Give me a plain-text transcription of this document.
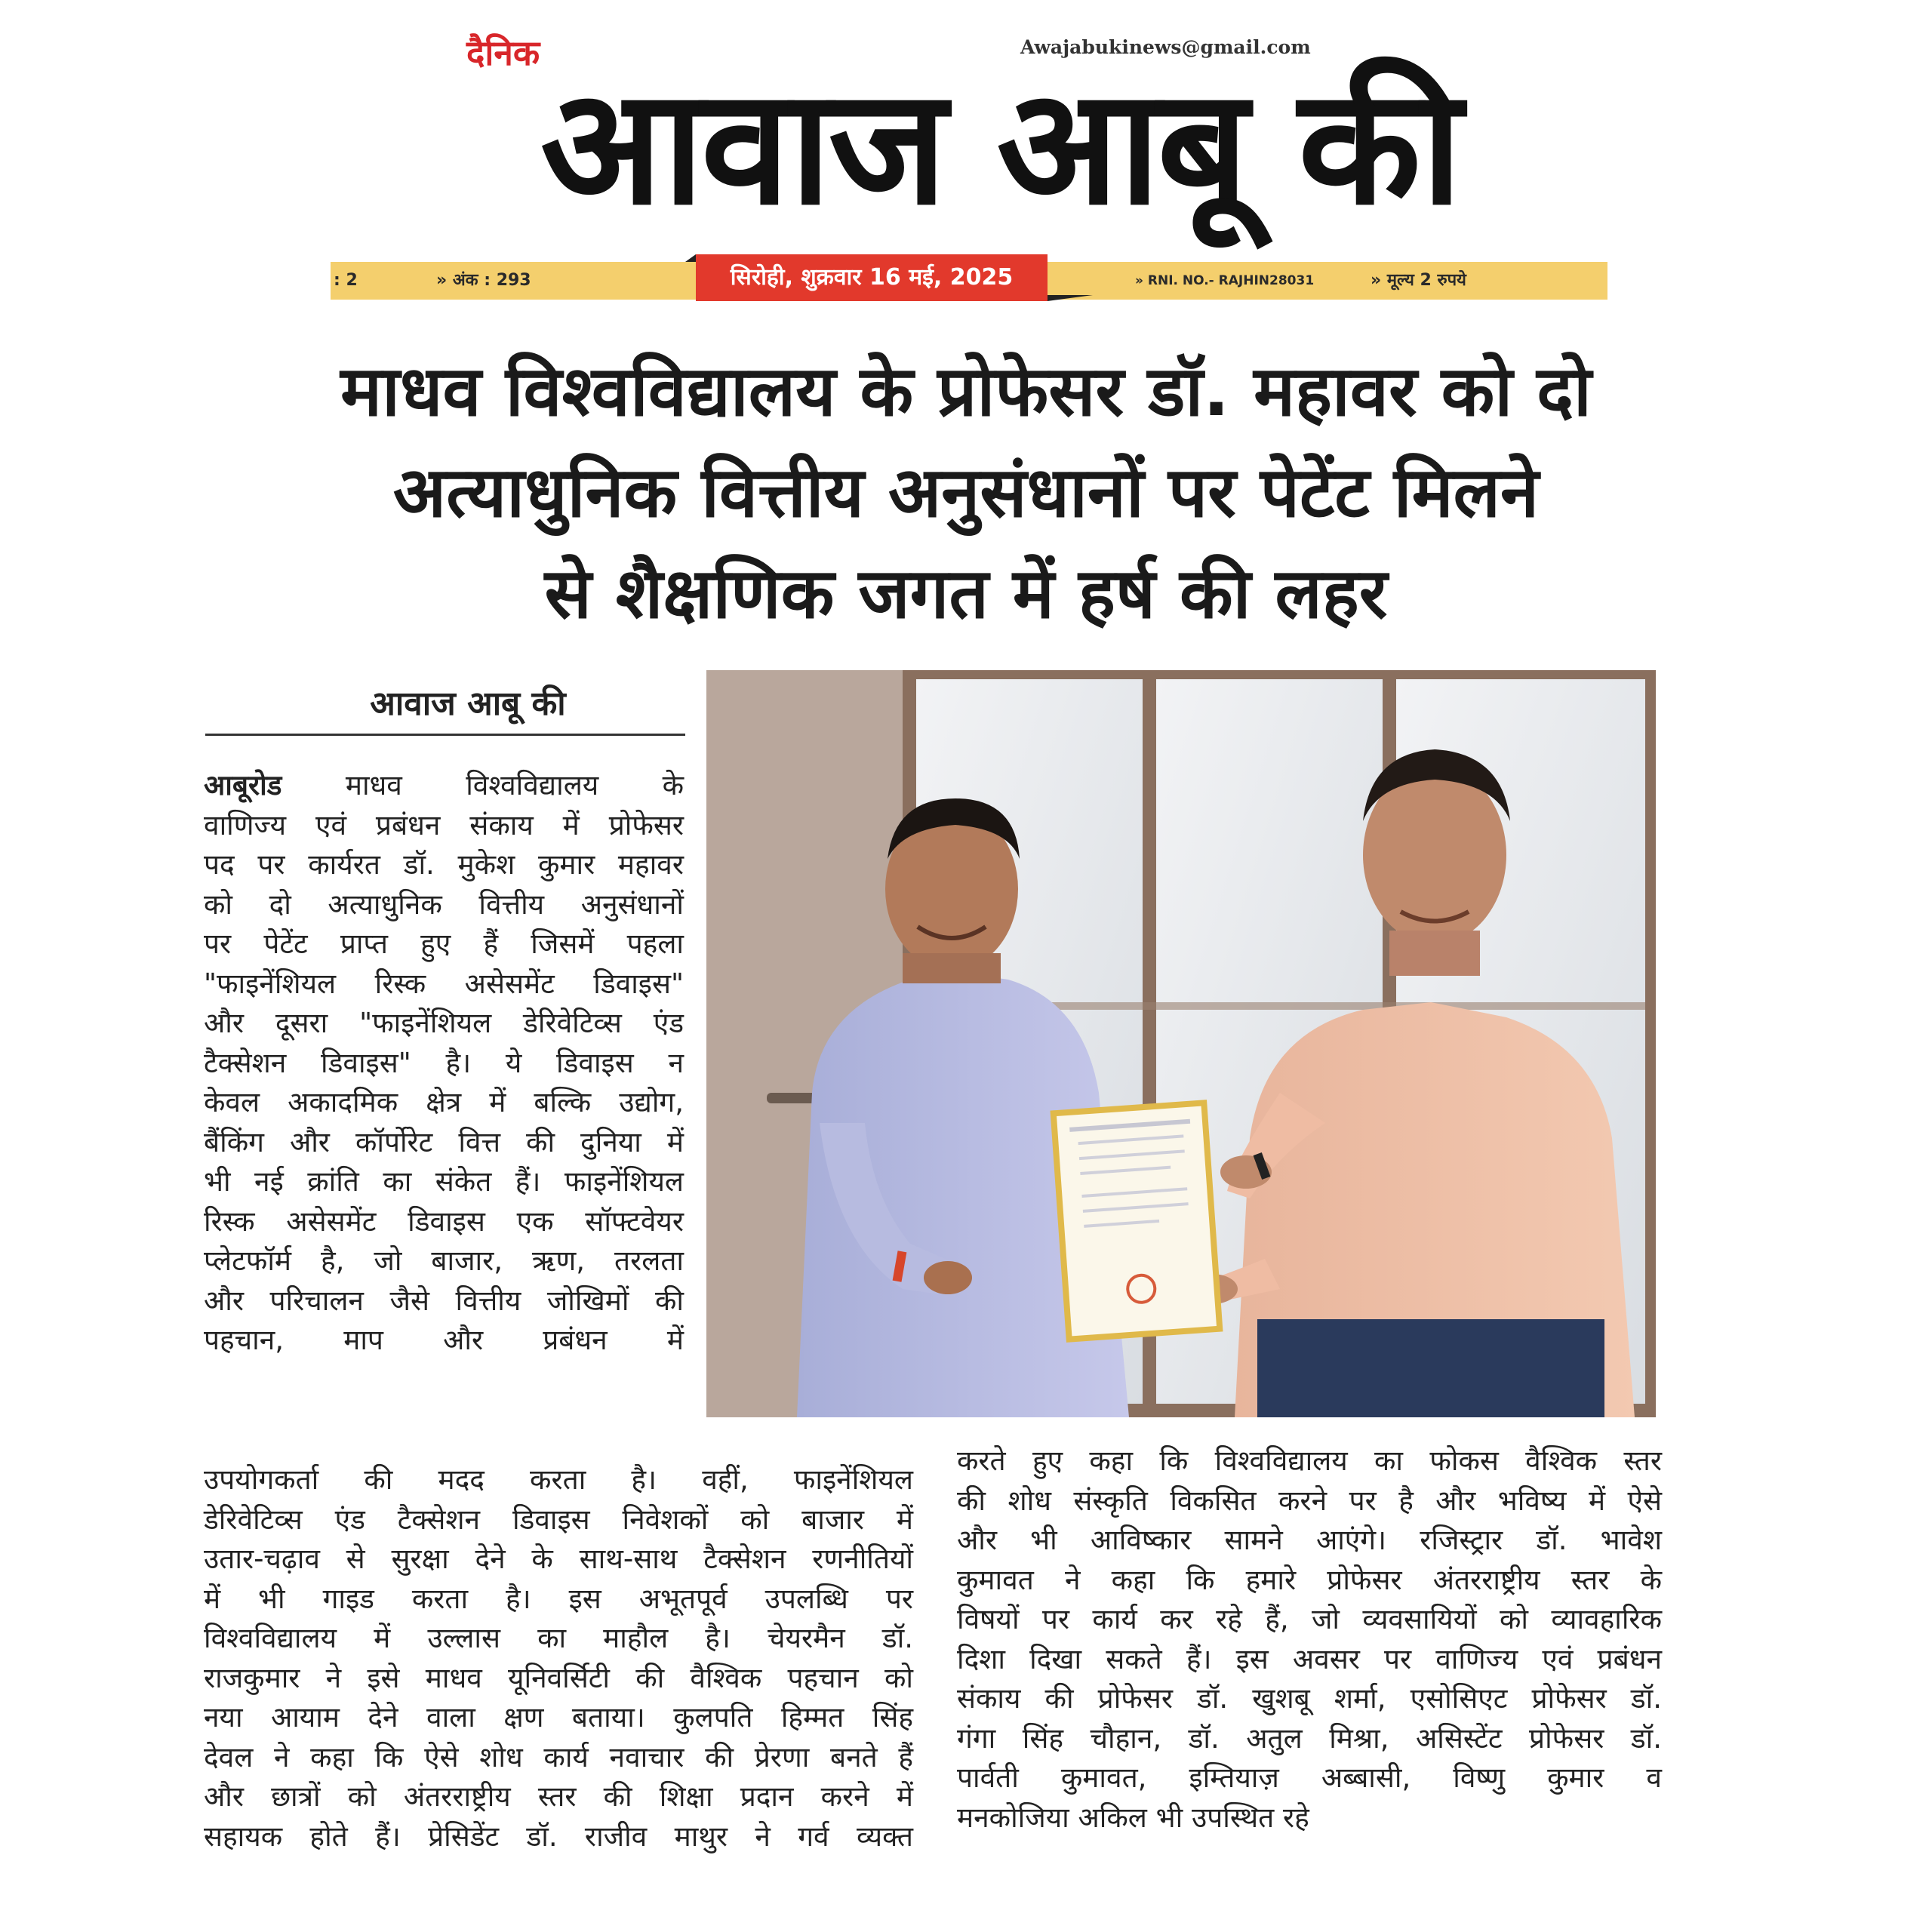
दैनिक	Awajabukinews@gmail.com
आवाज आबू की
: 2	» अंक : 293	सिरोही, शुक्रवार 16 मई, 2025	» RNI. NO.- RAJHIN28031	» मूल्य 2 रुपये
माधव विश्वविद्यालय के प्रोफेसर डॉ. महावर को दो
अत्याधुनिक वित्तीय अनुसंधानों पर पेटेंट मिलने
से शैक्षणिक जगत में हर्ष की लहर
आवाज आबू की
आबूरोड माधव विश्वविद्यालय के
वाणिज्य एवं प्रबंधन संकाय में प्रोफेसर
पद पर कार्यरत डॉ. मुकेश कुमार महावर
को दो अत्याधुनिक वित्तीय अनुसंधानों
पर पेटेंट प्राप्त हुए हैं जिसमें पहला
"फाइनेंशियल रिस्क असेसमेंट डिवाइस"
और दूसरा "फाइनेंशियल डेरिवेटिव्स एंड
टैक्सेशन डिवाइस" है। ये डिवाइस न
केवल अकादमिक क्षेत्र में बल्कि उद्योग,
बैंकिंग और कॉर्पोरेट वित्त की दुनिया में
भी नई क्रांति का संकेत हैं। फाइनेंशियल
रिस्क असेसमेंट डिवाइस एक सॉफ्टवेयर
प्लेटफॉर्म है, जो बाजार, ऋण, तरलता
और परिचालन जैसे वित्तीय जोखिमों की
पहचान, माप और प्रबंधन में
उपयोगकर्ता की मदद करता है। वहीं, फाइनेंशियल
डेरिवेटिव्स एंड टैक्सेशन डिवाइस निवेशकों को बाजार में
उतार-चढ़ाव से सुरक्षा देने के साथ-साथ टैक्सेशन रणनीतियों
में भी गाइड करता है। इस अभूतपूर्व उपलब्धि पर
विश्वविद्यालय में उल्लास का माहौल है। चेयरमैन डॉ.
राजकुमार ने इसे माधव यूनिवर्सिटी की वैश्विक पहचान को
नया आयाम देने वाला क्षण बताया। कुलपति हिम्मत सिंह
देवल ने कहा कि ऐसे शोध कार्य नवाचार की प्रेरणा बनते हैं
और छात्रों को अंतरराष्ट्रीय स्तर की शिक्षा प्रदान करने में
सहायक होते हैं। प्रेसिडेंट डॉ. राजीव माथुर ने गर्व व्यक्त
करते हुए कहा कि विश्वविद्यालय का फोकस वैश्विक स्तर
की शोध संस्कृति विकसित करने पर है और भविष्य में ऐसे
और भी आविष्कार सामने आएंगे। रजिस्ट्रार डॉ. भावेश
कुमावत ने कहा कि हमारे प्रोफेसर अंतरराष्ट्रीय स्तर के
विषयों पर कार्य कर रहे हैं, जो व्यवसायियों को व्यावहारिक
दिशा दिखा सकते हैं। इस अवसर पर वाणिज्य एवं प्रबंधन
संकाय की प्रोफेसर डॉ. खुशबू शर्मा, एसोसिएट प्रोफेसर डॉ.
गंगा सिंह चौहान, डॉ. अतुल मिश्रा, असिस्टेंट प्रोफेसर डॉ.
पार्वती कुमावत, इम्तियाज़ अब्बासी, विष्णु कुमार व
मनकोजिया अकिल भी उपस्थित रहे
